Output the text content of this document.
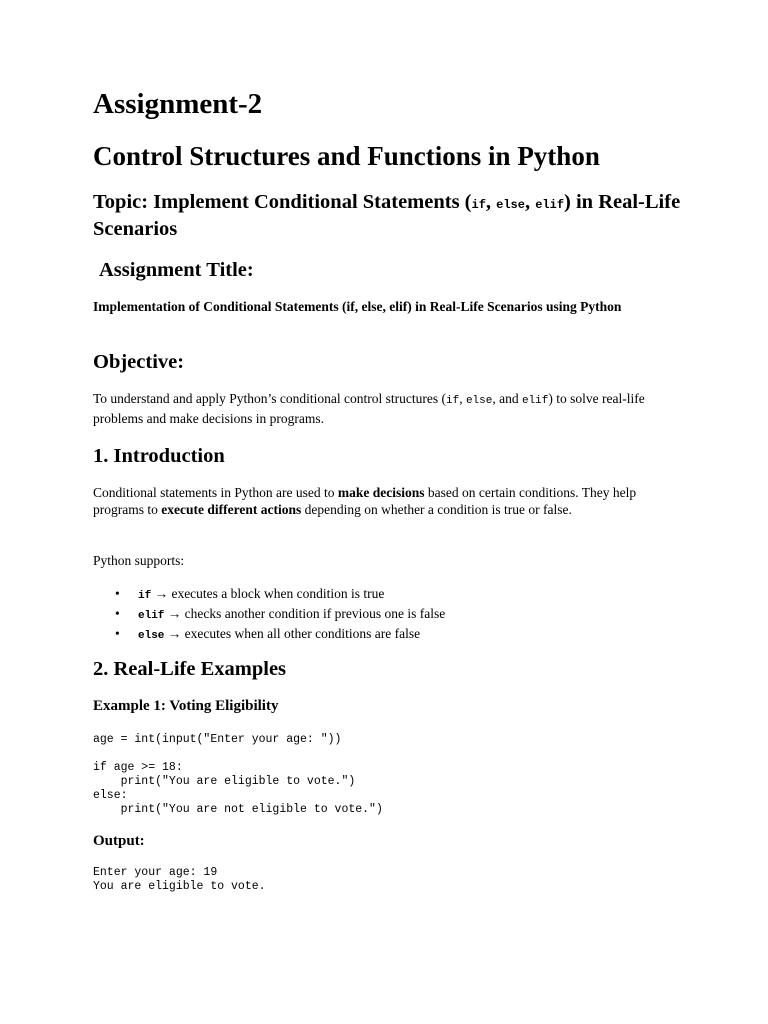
Assignment-2
Control Structures and Functions in Python
Topic: Implement Conditional Statements (if, else, elif) in Real-Life Scenarios
Assignment Title:

Implementation of Conditional Statements (if, else, elif) in Real-Life Scenarios using Python

Objective:

To understand and apply Python’s conditional control structures (if, else, and elif) to solve real-life problems and make decisions in programs.

1. Introduction

Conditional statements in Python are used to make decisions based on certain conditions. They help programs to execute different actions depending on whether a condition is true or false.

Python supports:

• if → executes a block when condition is true
• elif → checks another condition if previous one is false
• else → executes when all other conditions are false
2. Real-Life Examples
Example 1: Voting Eligibility
age = int(input("Enter your age: "))

if age >= 18:
print("You are eligible to vote.")
else:
print("You are not eligible to vote.")
Output:
Enter your age: 19
You are eligible to vote.
